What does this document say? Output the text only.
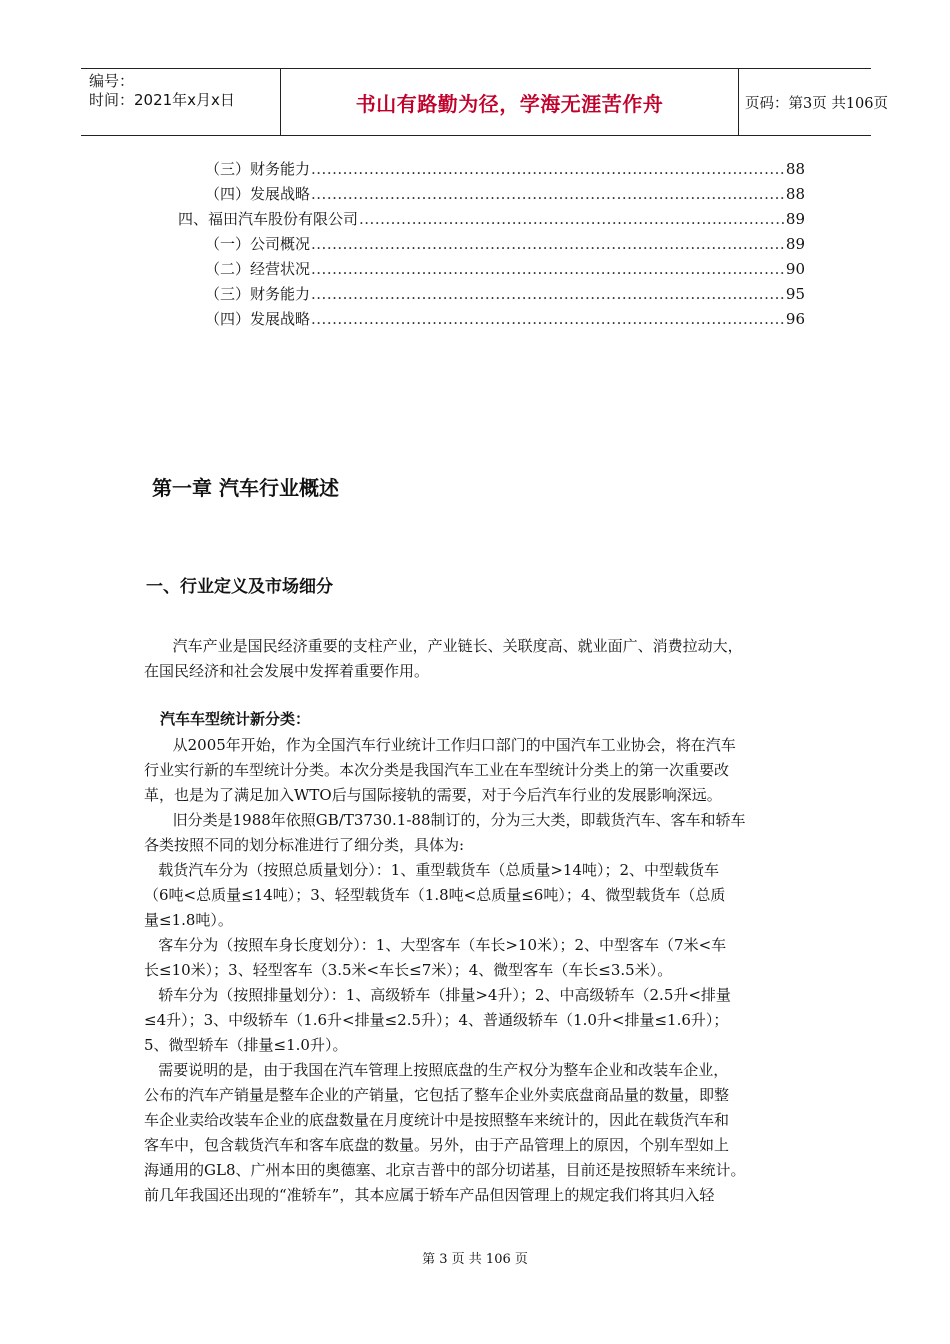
编号：
时间：2021年x月x日	书山有路勤为径，学海无涯苦作舟	页码：第3页 共106页
（三）财务能力 .....	88
（四）发展战略 .....	88
四、福田汽车股份有限公司 .....	89
（一）公司概况 .....	89
（二）经营状况 .....	90
（三）财务能力 .....	95
（四）发展战略 .....	96
第一章 汽车行业概述
一、行业定义及市场细分
汽车产业是国民经济重要的支柱产业，产业链长、关联度高、就业面广、消费拉动大，
在国民经济和社会发展中发挥着重要作用。
汽车车型统计新分类：
从2005年开始，作为全国汽车行业统计工作归口部门的中国汽车工业协会，将在汽车
行业实行新的车型统计分类。本次分类是我国汽车工业在车型统计分类上的第一次重要改
革，也是为了满足加入WTO后与国际接轨的需要，对于今后汽车行业的发展影响深远。
旧分类是1988年依照GB/T3730.1-88制订的，分为三大类，即载货汽车、客车和轿车
各类按照不同的划分标准进行了细分类，具体为:
载货汽车分为（按照总质量划分）：1、重型载货车（总质量>14吨）；2、中型载货车
（6吨<总质量≤14吨）；3、轻型载货车（1.8吨<总质量≤6吨）；4、微型载货车（总质
量≤1.8吨）。
客车分为（按照车身长度划分）：1、大型客车（车长>10米）；2、中型客车（7米<车
长≤10米）；3、轻型客车（3.5米<车长≤7米）；4、微型客车（车长≤3.5米）。
轿车分为（按照排量划分）：1、高级轿车（排量>4升）；2、中高级轿车（2.5升<排量
≤4升）；3、中级轿车（1.6升<排量≤2.5升）；4、普通级轿车（1.0升<排量≤1.6升）；
5、微型轿车（排量≤1.0升）。
需要说明的是，由于我国在汽车管理上按照底盘的生产权分为整车企业和改装车企业，
公布的汽车产销量是整车企业的产销量，它包括了整车企业外卖底盘商品量的数量，即整
车企业卖给改装车企业的底盘数量在月度统计中是按照整车来统计的，因此在载货汽车和
客车中，包含载货汽车和客车底盘的数量。另外，由于产品管理上的原因，个别车型如上
海通用的GL8、广州本田的奥德塞、北京吉普中的部分切诺基，目前还是按照轿车来统计。
前几年我国还出现的“准轿车”，其本应属于轿车产品但因管理上的规定我们将其归入轻
第 3 页 共 106 页
